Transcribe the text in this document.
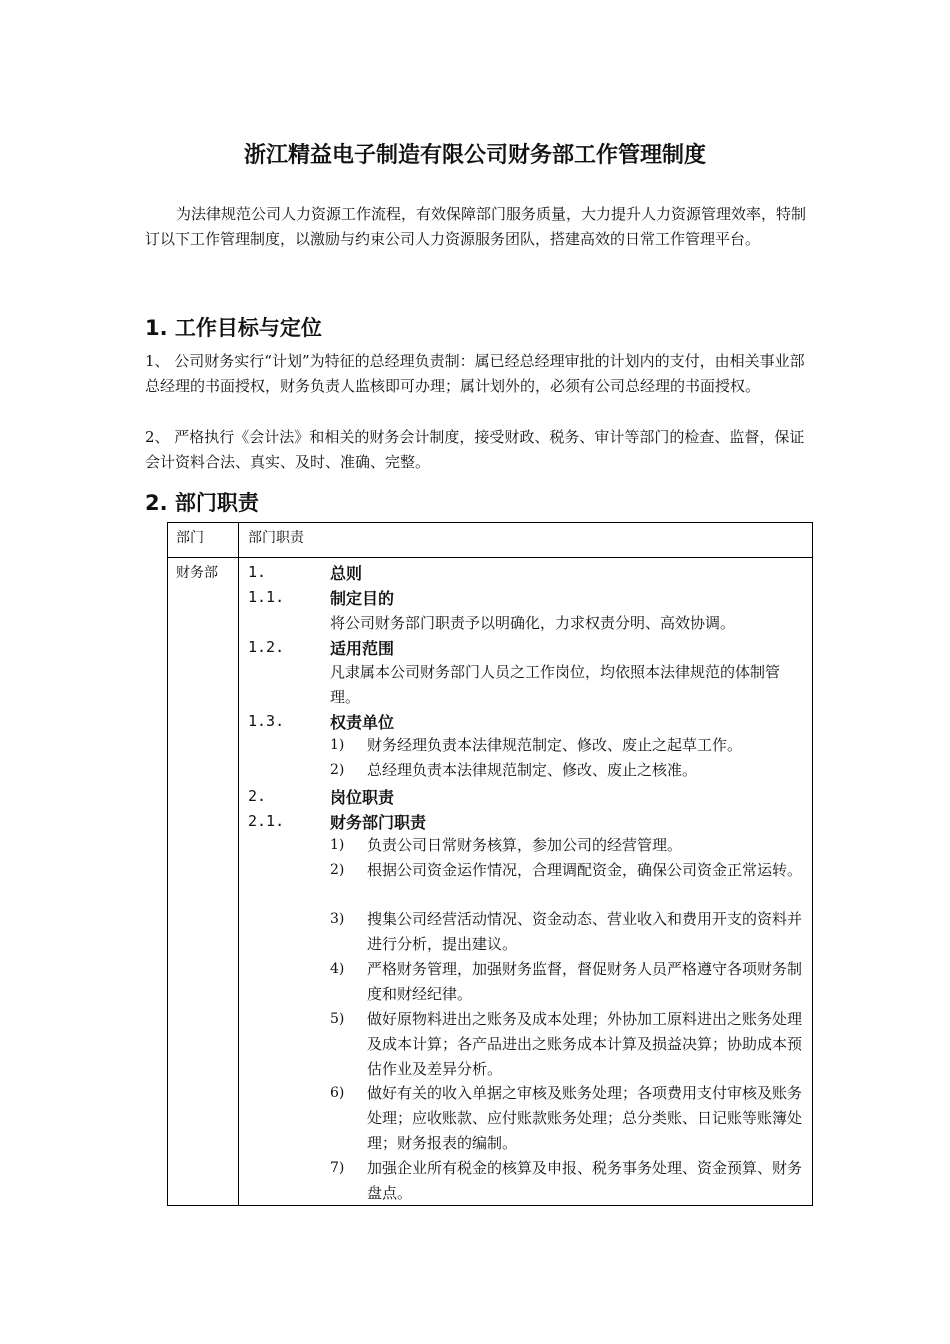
浙江精益电子制造有限公司财务部工作管理制度
为法律规范公司人力资源工作流程，有效保障部门服务质量，大力提升人力资源管理效率，特制订以下工作管理制度，以激励与约束公司人力资源服务团队，搭建高效的日常工作管理平台。
1. 工作目标与定位
1、 公司财务实行“计划”为特征的总经理负责制：属已经总经理审批的计划内的支付，由相关事业部总经理的书面授权，财务负责人监核即可办理；属计划外的，必须有公司总经理的书面授权。
2、 严格执行《会计法》和相关的财务会计制度，接受财政、税务、审计等部门的检查、监督，保证会计资料合法、真实、及时、准确、完整。
2. 部门职责
部门	部门职责
财务部 1.	总则
1.1.	制定目的
将公司财务部门职责予以明确化，力求权责分明、高效协调。
1.2.	适用范围
凡隶属本公司财务部门人员之工作岗位，均依照本法律规范的体制管理。
1.3.	权责单位
1) 财务经理负责本法律规范制定、修改、废止之起草工作。
2) 总经理负责本法律规范制定、修改、废止之核准。
2.	岗位职责
2.1.	财务部门职责
1) 负责公司日常财务核算，参加公司的经营管理。
2) 根据公司资金运作情况，合理调配资金，确保公司资金正常运转。
3) 搜集公司经营活动情况、资金动态、营业收入和费用开支的资料并进行分析，提出建议。
4) 严格财务管理，加强财务监督，督促财务人员严格遵守各项财务制度和财经纪律。
5) 做好原物料进出之账务及成本处理；外协加工原料进出之账务处理及成本计算；各产品进出之账务成本计算及损益决算；协助成本预估作业及差异分析。
6) 做好有关的收入单据之审核及账务处理；各项费用支付审核及账务处理；应收账款、应付账款账务处理；总分类账、日记账等账簿处理；财务报表的编制。
7) 加强企业所有税金的核算及申报、税务事务处理、资金预算、财务盘点。
